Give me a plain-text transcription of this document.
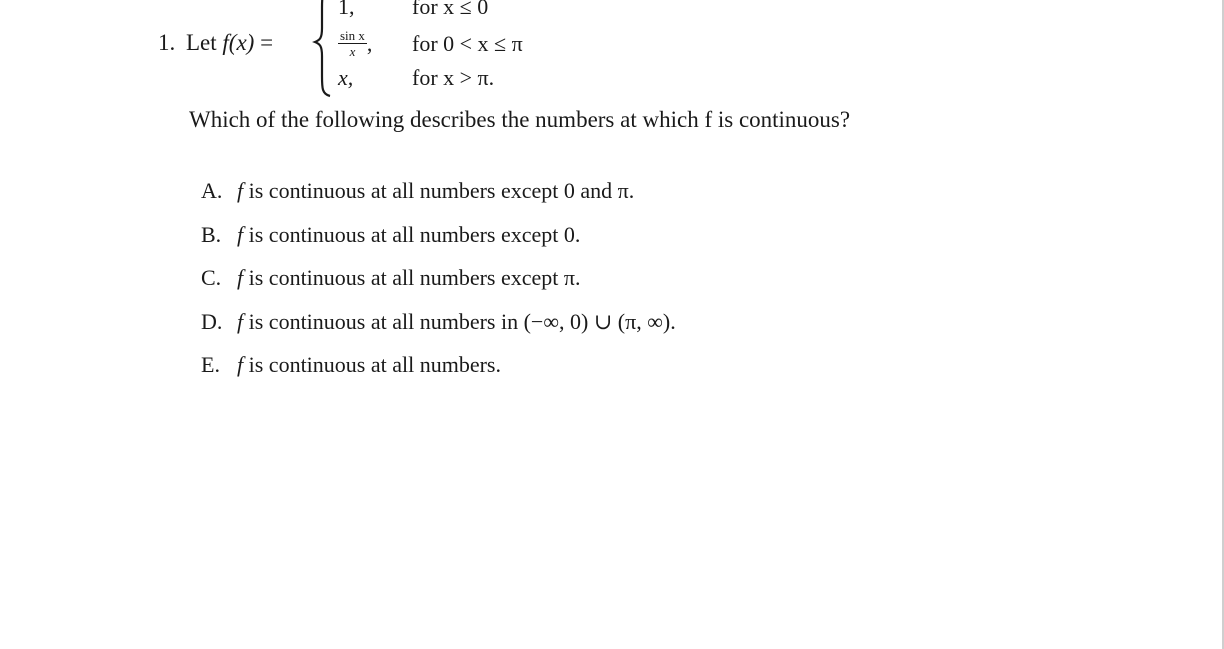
1. Let f(x) =
1,	for x ≤ 0
$\frac{\text{sin x}}{x}$ , for 0 < x ≤ π
x,	for x > π.
Which of the following describes the numbers at which f is continuous?
A. f is continuous at all numbers except 0 and π.
B. f is continuous at all numbers except 0.
C. f is continuous at all numbers except π.
D. f is continuous at all numbers in (−∞, 0) ∪ (π, ∞).
E. f is continuous at all numbers.
